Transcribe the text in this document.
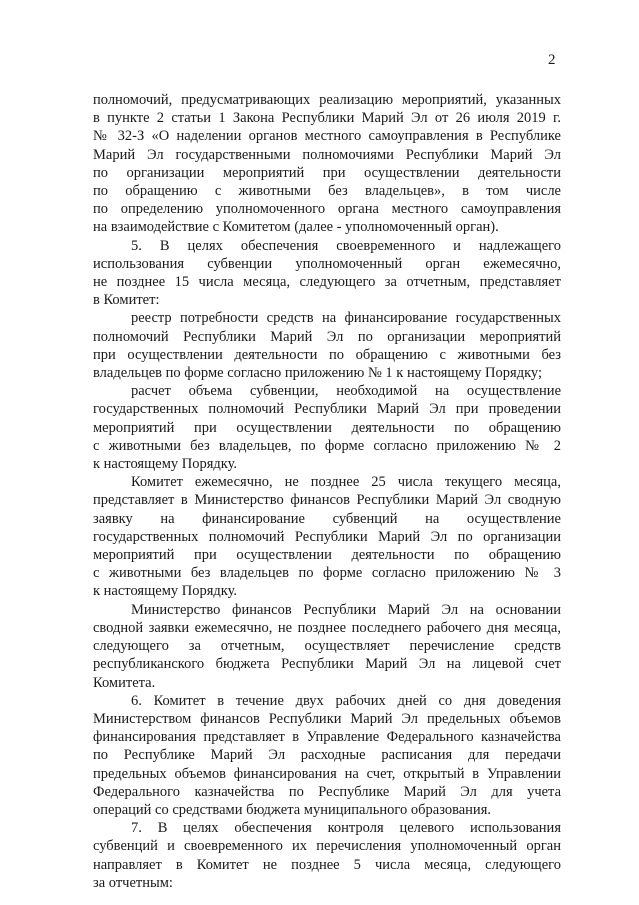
2
полномочий, предусматривающих реализацию мероприятий, указанных
в пункте 2 статьи 1 Закона Республики Марий Эл от 26 июля 2019 г.
№ 32-З «О наделении органов местного самоуправления в Республике
Марий Эл государственными полномочиями Республики Марий Эл
по организации мероприятий при осуществлении деятельности
по обращению с животными без владельцев», в том числе
по определению уполномоченного органа местного самоуправления
на взаимодействие с Комитетом (далее - уполномоченный орган).
5. В целях обеспечения своевременного и надлежащего
использования субвенции уполномоченный орган ежемесячно,
не позднее 15 числа месяца, следующего за отчетным, представляет
в Комитет:
реестр потребности средств на финансирование государственных
полномочий Республики Марий Эл по организации мероприятий
при осуществлении деятельности по обращению с животными без
владельцев по форме согласно приложению № 1 к настоящему Порядку;
расчет объема субвенции, необходимой на осуществление
государственных полномочий Республики Марий Эл при проведении
мероприятий при осуществлении деятельности по обращению
с животными без владельцев, по форме согласно приложению № 2
к настоящему Порядку.
Комитет ежемесячно, не позднее 25 числа текущего месяца,
представляет в Министерство финансов Республики Марий Эл сводную
заявку на финансирование субвенций на осуществление
государственных полномочий Республики Марий Эл по организации
мероприятий при осуществлении деятельности по обращению
с животными без владельцев по форме согласно приложению № 3
к настоящему Порядку.
Министерство финансов Республики Марий Эл на основании
сводной заявки ежемесячно, не позднее последнего рабочего дня месяца,
следующего за отчетным, осуществляет перечисление средств
республиканского бюджета Республики Марий Эл на лицевой счет
Комитета.
6. Комитет в течение двух рабочих дней со дня доведения
Министерством финансов Республики Марий Эл предельных объемов
финансирования представляет в Управление Федерального казначейства
по Республике Марий Эл расходные расписания для передачи
предельных объемов финансирования на счет, открытый в Управлении
Федерального казначейства по Республике Марий Эл для учета
операций со средствами бюджета муниципального образования.
7. В целях обеспечения контроля целевого использования
субвенций и своевременного их перечисления уполномоченный орган
направляет в Комитет не позднее 5 числа месяца, следующего
за отчетным:
